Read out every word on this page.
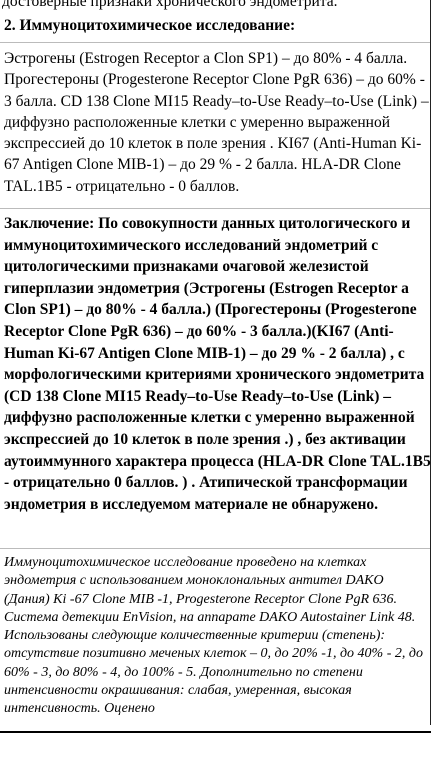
достоверные признаки хронического эндометрита.
2. Иммуноцитохимическое исследование:
Эстрогены (Estrogen Receptor a Clon SP1) – до 80% - 4 балла. Прогестероны (Progesterone Receptor Clone PgR 636) – до 60% - 3 балла. CD 138 Clone MI15 Ready–to-Use Ready–to-Use (Link) – диффузно расположенные клетки с умеренно выраженной экспрессией до 10 клеток в поле зрения . KI67 (Anti-Human Ki-67 Antigen Clone MIB-1) – до 29 % - 2 балла. HLA-DR Clone TAL.1B5 - отрицательно - 0 баллов.
Заключение: По совокупности данных цитологического и иммуноцитохимического исследований эндометрий с цитологическими признаками очаговой железистой гиперплазии эндометрия (Эстрогены (Estrogen Receptor a Clon SP1) – до 80% - 4 балла.) (Прогестероны (Progesterone Receptor Clone PgR 636) – до 60% - 3 балла.)(KI67 (Anti-Human Ki-67 Antigen Clone MIB-1) – до 29 % - 2 балла) , с морфологическими критериями хронического эндометрита (CD 138 Clone MI15 Ready–to-Use Ready–to-Use (Link) – диффузно расположенные клетки с умеренно выраженной экспрессией до 10 клеток в поле зрения .) , без активации аутоиммунного характера процесса (HLA-DR Clone TAL.1B5 - отрицательно 0 баллов. ) . Атипической трансформации эндометрия в исследуемом материале не обнаружено.
Иммуноцитохимическое исследование проведено на клетках эндометрия с использованием моноклональных антител DAKO (Дания) Ki -67 Clone MIB -1, Progesterone Receptor Clone PgR 636. Система детекции EnVision, на аппарате DAKO Autostainer Link 48. Использованы следующие количественные критерии (степень): отсутствие позитивно меченых клеток – 0, до 20% -1, до 40% - 2, до 60% - 3, до 80% - 4, до 100% - 5. Дополнительно по степени интенсивности окрашивания: слабая, умеренная, высокая интенсивность. Оценено
